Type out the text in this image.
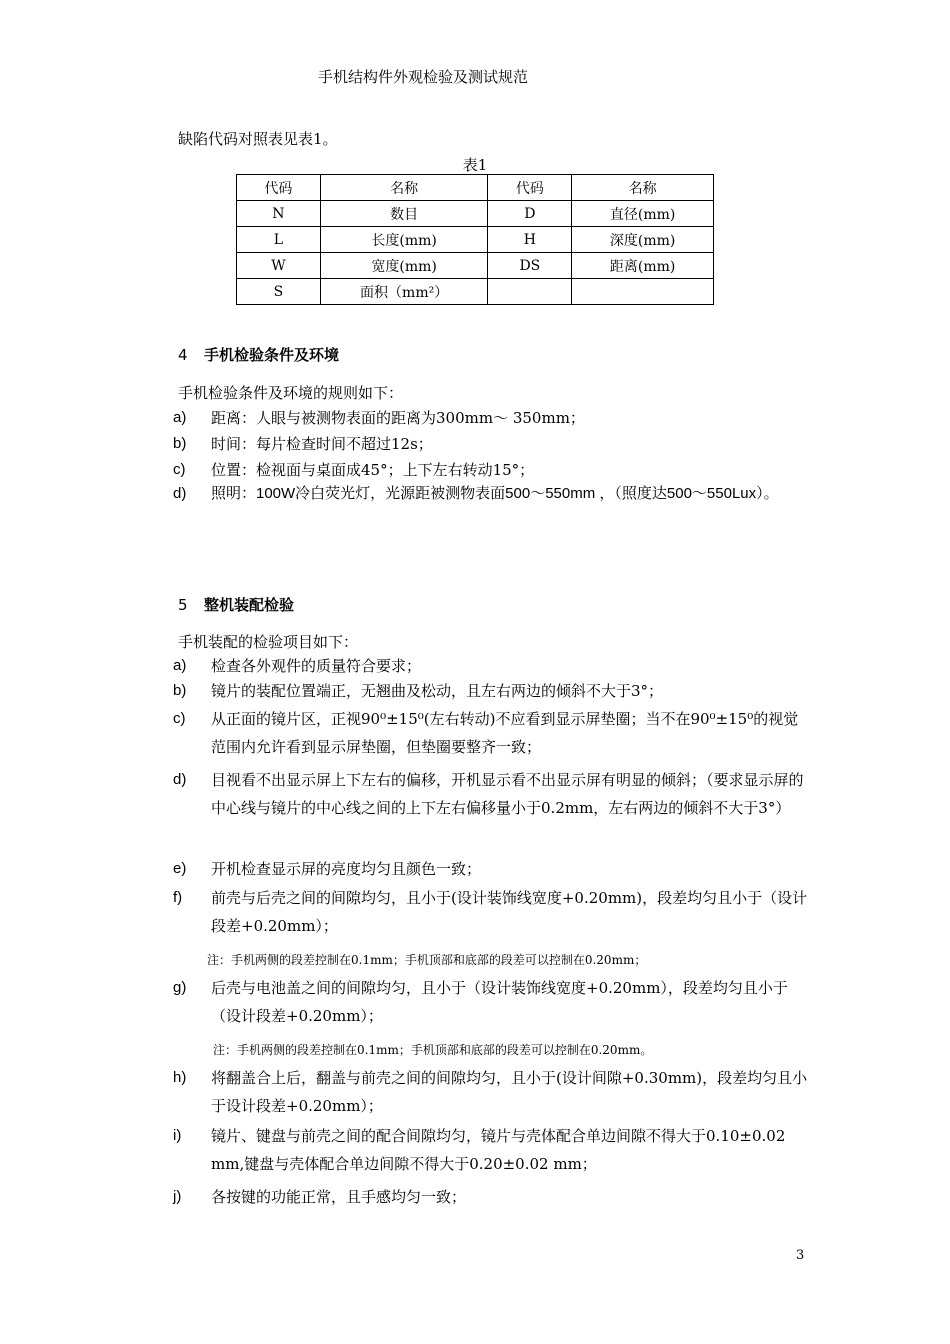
手机结构件外观检验及测试规范
缺陷代码对照表见表1。
表1
代码	名称	代码	名称
N	数目	D	直径(mm)
L	长度(mm)	H	深度(mm)
W	宽度(mm)	DS	距离(mm)
S	面积（mm²）		
4 手机检验条件及环境
手机检验条件及环境的规则如下：
a)	距离：人眼与被测物表面的距离为300mm～ 350mm；
b)	时间：每片检查时间不超过12s；
c)	位置：检视面与桌面成45°；上下左右转动15°；
d)	照明：100W冷白荧光灯，光源距被测物表面500～550mm ，（照度达500～550Lux）。
5 整机装配检验
手机装配的检验项目如下：
a)	检查各外观件的质量符合要求；
b)	镜片的装配位置端正，无翘曲及松动，且左右两边的倾斜不大于3°；
c)	从正面的镜片区，正视90⁰±15⁰(左右转动)不应看到显示屏垫圈；当不在90⁰±15⁰的视觉范围内允许看到显示屏垫圈，但垫圈要整齐一致；
d)	目视看不出显示屏上下左右的偏移，开机显示看不出显示屏有明显的倾斜；（要求显示屏的中心线与镜片的中心线之间的上下左右偏移量小于0.2mm，左右两边的倾斜不大于3°）
e)	开机检查显示屏的亮度均匀且颜色一致；
f)	前壳与后壳之间的间隙均匀，且小于(设计装饰线宽度+0.20mm)，段差均匀且小于（设计段差+0.20mm）；
注：手机两侧的段差控制在0.1mm；手机顶部和底部的段差可以控制在0.20mm；
g)	后壳与电池盖之间的间隙均匀，且小于（设计装饰线宽度+0.20mm），段差均匀且小于（设计段差+0.20mm）；
注：手机两侧的段差控制在0.1mm；手机顶部和底部的段差可以控制在0.20mm。
h)	将翻盖合上后，翻盖与前壳之间的间隙均匀，且小于(设计间隙+0.30mm)，段差均匀且小于设计段差+0.20mm）；
i)	镜片、键盘与前壳之间的配合间隙均匀，镜片与壳体配合单边间隙不得大于0.10±0.02 mm,键盘与壳体配合单边间隙不得大于0.20±0.02 mm；
j)	各按键的功能正常，且手感均匀一致；
3
